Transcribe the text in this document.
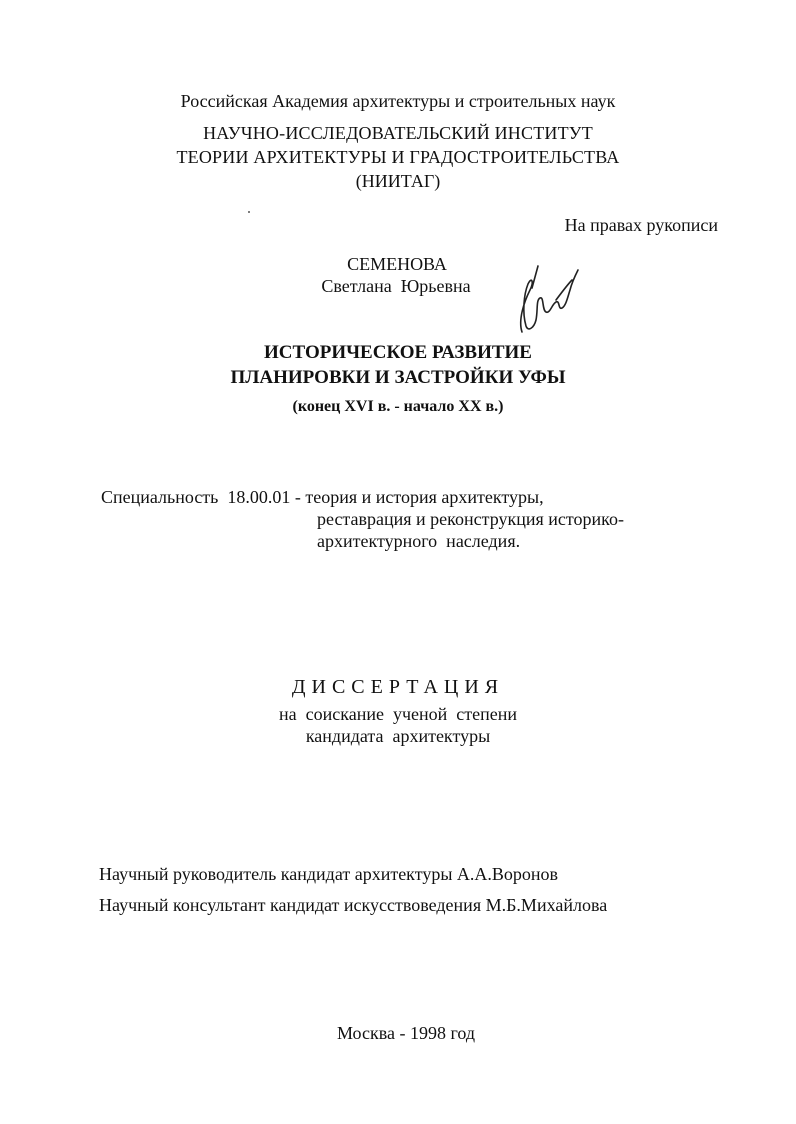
Российская Академия архитектуры и строительных наук
НАУЧНО-ИССЛЕДОВАТЕЛЬСКИЙ ИНСТИТУТ
ТЕОРИИ АРХИТЕКТУРЫ И ГРАДОСТРОИТЕЛЬСТВА
(НИИТАГ)
На правах рукописи
СЕМЕНОВА
Светлана  Юрьевна
ИСТОРИЧЕСКОЕ РАЗВИТИЕ
ПЛАНИРОВКИ И ЗАСТРОЙКИ УФЫ
(конец XVI в. - начало XX в.)
Специальность  18.00.01 - теория и история архитектуры,
реставрация и реконструкция историко-
архитектурного  наследия.
ДИССЕРТАЦИЯ
на  соискание  ученой  степени
кандидата  архитектуры
Научный руководитель кандидат архитектуры А.А.Воронов
Научный консультант кандидат искусствоведения М.Б.Михайлова
Москва - 1998 год
